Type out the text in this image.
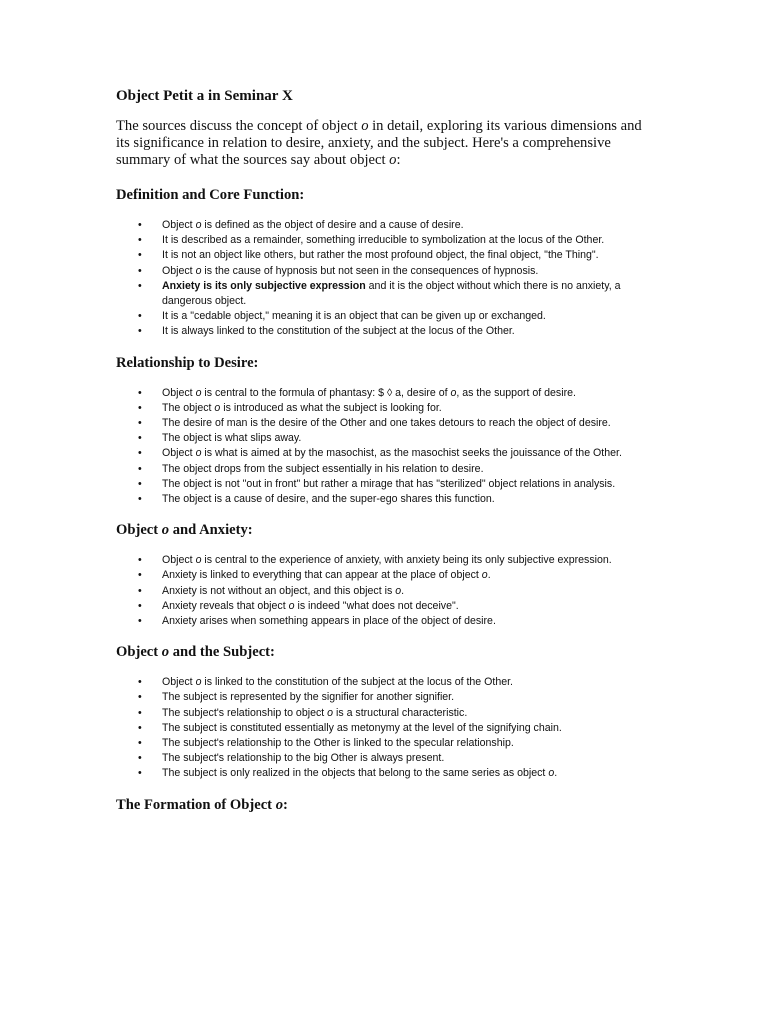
Object Petit a in Seminar X

The sources discuss the concept of object o in detail, exploring its various dimensions and its significance in relation to desire, anxiety, and the subject. Here's a comprehensive summary of what the sources say about object o:

Definition and Core Function:
• Object o is defined as the object of desire and a cause of desire.
• It is described as a remainder, something irreducible to symbolization at the locus of the Other.
• It is not an object like others, but rather the most profound object, the final object, "the Thing".
• Object o is the cause of hypnosis but not seen in the consequences of hypnosis.
• Anxiety is its only subjective expression and it is the object without which there is no anxiety, a dangerous object.
• It is a "cedable object," meaning it is an object that can be given up or exchanged.
• It is always linked to the constitution of the subject at the locus of the Other.
Relationship to Desire:
• Object o is central to the formula of phantasy: $ ◊ a, desire of o, as the support of desire.
• The object o is introduced as what the subject is looking for.
• The desire of man is the desire of the Other and one takes detours to reach the object of desire.
• The object is what slips away.
• Object o is what is aimed at by the masochist, as the masochist seeks the jouissance of the Other.
• The object drops from the subject essentially in his relation to desire.
• The object is not "out in front" but rather a mirage that has "sterilized" object relations in analysis.
• The object is a cause of desire, and the super-ego shares this function.
Object o and Anxiety:
• Object o is central to the experience of anxiety, with anxiety being its only subjective expression.
• Anxiety is linked to everything that can appear at the place of object o.
• Anxiety is not without an object, and this object is o.
• Anxiety reveals that object o is indeed "what does not deceive".
• Anxiety arises when something appears in place of the object of desire.
Object o and the Subject:
• Object o is linked to the constitution of the subject at the locus of the Other.
• The subject is represented by the signifier for another signifier.
• The subject's relationship to object o is a structural characteristic.
• The subject is constituted essentially as metonymy at the level of the signifying chain.
• The subject's relationship to the Other is linked to the specular relationship.
• The subject's relationship to the big Other is always present.
• The subject is only realized in the objects that belong to the same series as object o.
The Formation of Object o:
